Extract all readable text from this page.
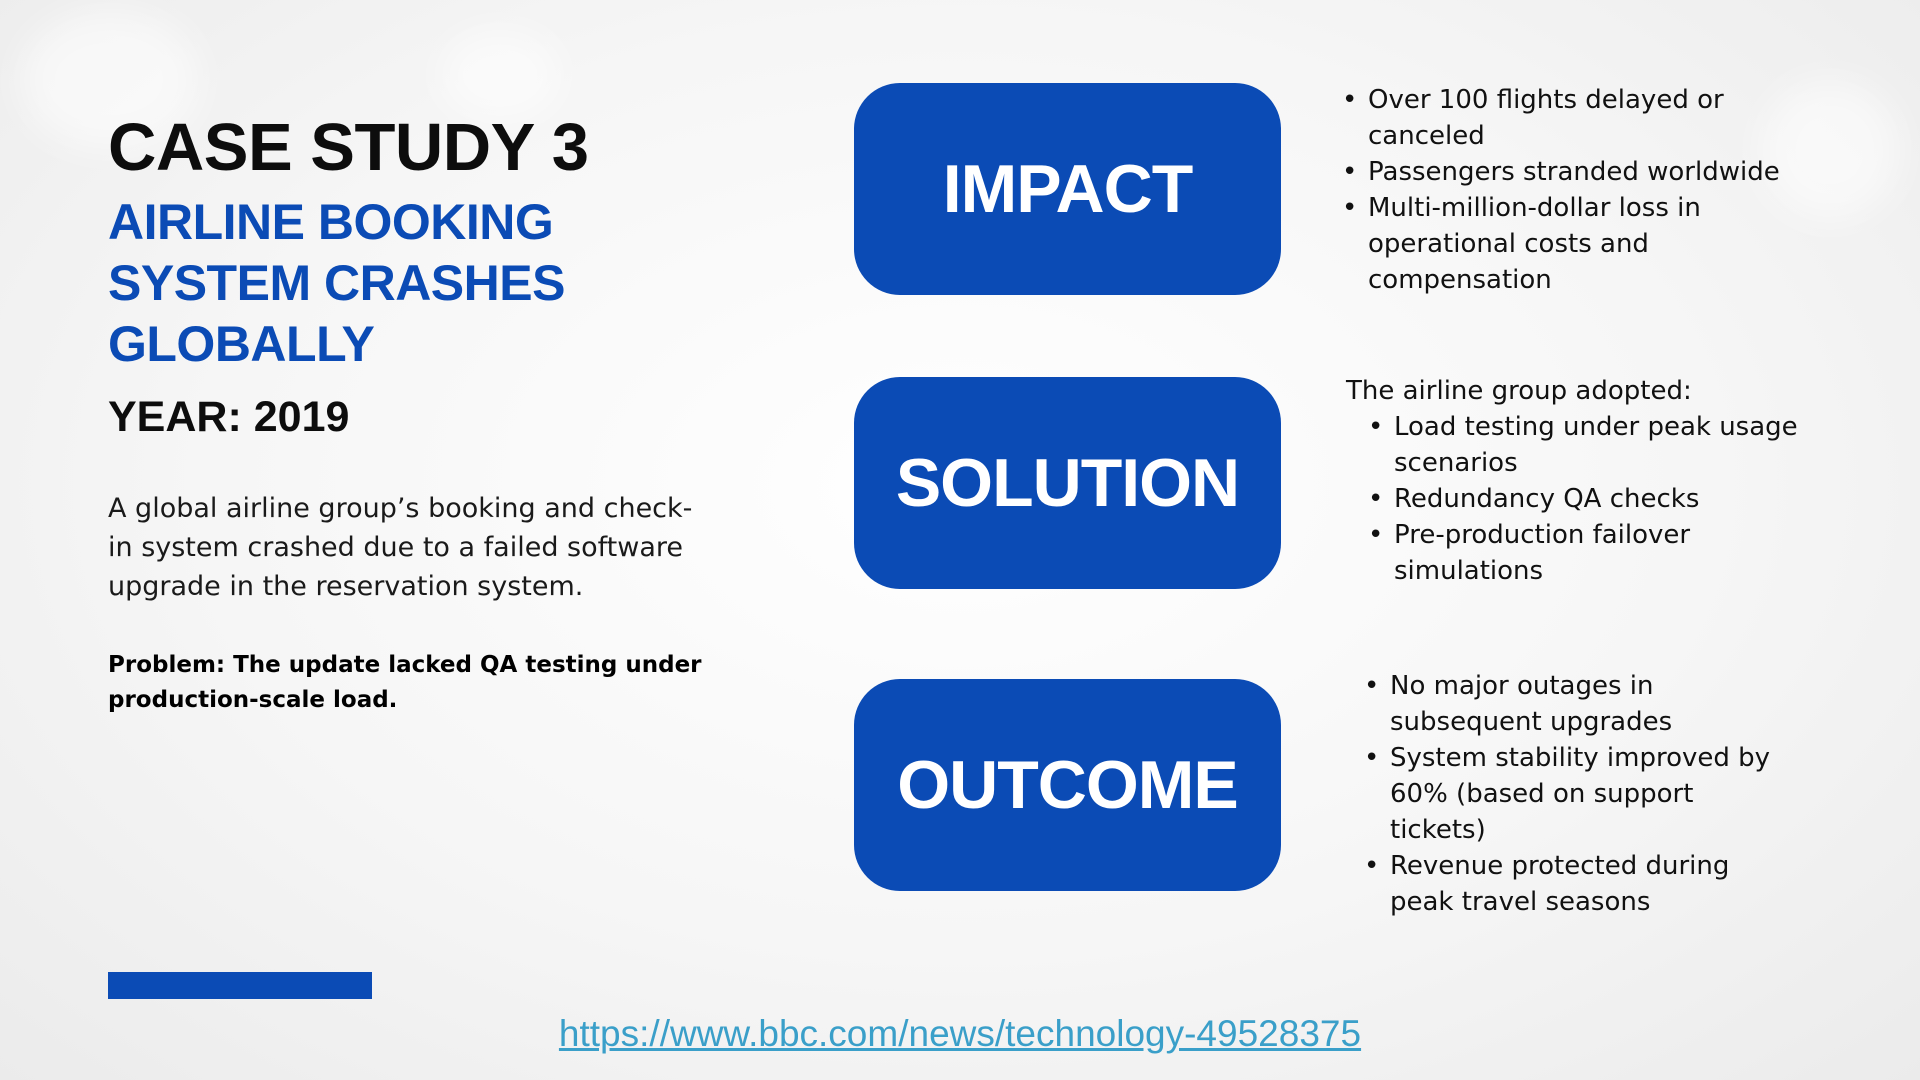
CASE STUDY 3
AIRLINE BOOKING SYSTEM CRASHES GLOBALLY
YEAR: 2019

A global airline group’s booking and check-in system crashed due to a failed software upgrade in the reservation system.

Problem: The update lacked QA testing under production-scale load.

IMPACT
SOLUTION
OUTCOME
• Over 100 flights delayed or canceled
• Passengers stranded worldwide
• Multi-million-dollar loss in operational costs and compensation
The airline group adopted:
• Load testing under peak usage scenarios
• Redundancy QA checks
• Pre-production failover simulations
• No major outages in subsequent upgrades
• System stability improved by 60% (based on support tickets)
• Revenue protected during peak travel seasons
https://www.bbc.com/news/technology-49528375
